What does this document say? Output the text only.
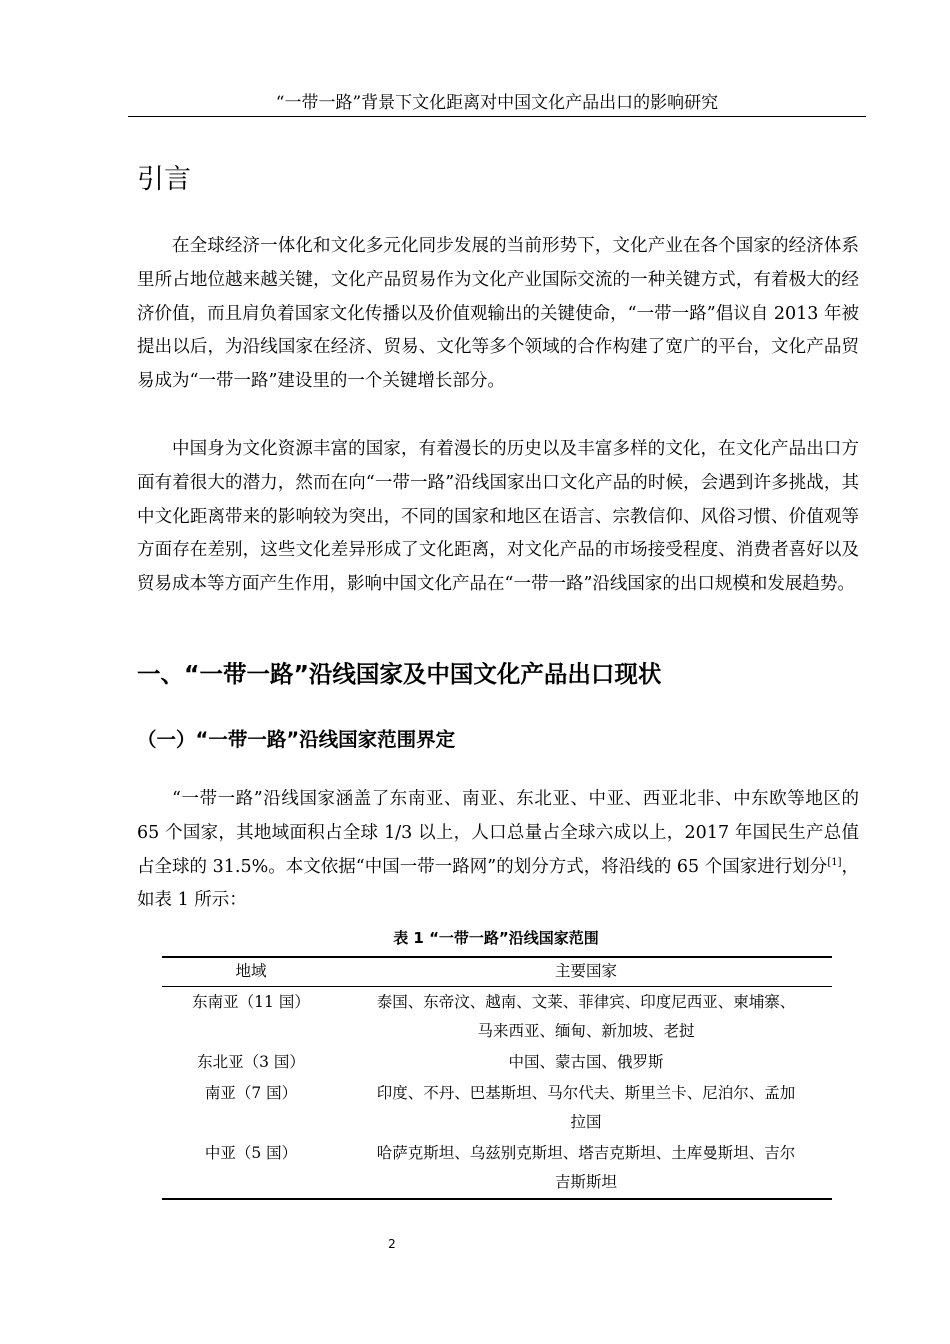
“一带一路”背景下文化距离对中国文化产品出口的影响研究
引言

在全球经济一体化和文化多元化同步发展的当前形势下，文化产业在各个国家的经济体系里所占地位越来越关键，文化产品贸易作为文化产业国际交流的一种关键方式，有着极大的经济价值，而且肩负着国家文化传播以及价值观输出的关键使命，“一带一路”倡议自 2013 年被提出以后，为沿线国家在经济、贸易、文化等多个领域的合作构建了宽广的平台，文化产品贸易成为“一带一路”建设里的一个关键增长部分。

中国身为文化资源丰富的国家，有着漫长的历史以及丰富多样的文化，在文化产品出口方面有着很大的潜力，然而在向“一带一路”沿线国家出口文化产品的时候，会遇到许多挑战，其中文化距离带来的影响较为突出，不同的国家和地区在语言、宗教信仰、风俗习惯、价值观等方面存在差别，这些文化差异形成了文化距离，对文化产品的市场接受程度、消费者喜好以及贸易成本等方面产生作用，影响中国文化产品在“一带一路”沿线国家的出口规模和发展趋势。

一、“一带一路”沿线国家及中国文化产品出口现状
（一）“一带一路”沿线国家范围界定

“一带一路”沿线国家涵盖了东南亚、南亚、东北亚、中亚、西亚北非、中东欧等地区的 65 个国家，其地域面积占全球 1/3 以上，人口总量占全球六成以上，2017 年国民生产总值占全球的 31.5%。本文依据“中国一带一路网”的划分方式，将沿线的 65 个国家进行划分[1]，如表 1 所示：

表 1 “一带一路”沿线国家范围
地域	主要国家
东南亚（11 国）	泰国、东帝汶、越南、文莱、菲律宾、印度尼西亚、柬埔寨、马来西亚、缅甸、新加坡、老挝
东北亚（3 国）	中国、蒙古国、俄罗斯
南亚（7 国）	印度、不丹、巴基斯坦、马尔代夫、斯里兰卡、尼泊尔、孟加拉国
中亚（5 国）	哈萨克斯坦、乌兹别克斯坦、塔吉克斯坦、土库曼斯坦、吉尔吉斯斯坦
2
